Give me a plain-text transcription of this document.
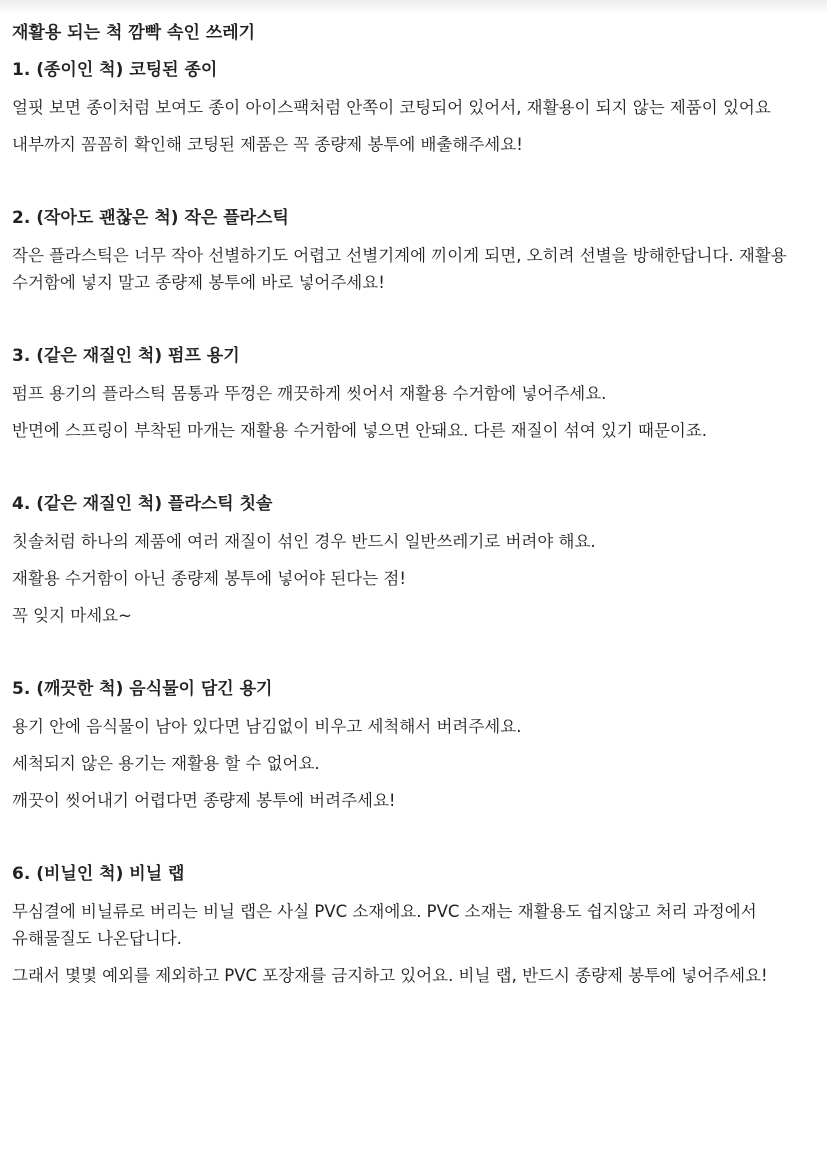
재활용 되는 척 깜빡 속인 쓰레기

1. (종이인 척) 코팅된 종이

얼핏 보면 종이처럼 보여도 종이 아이스팩처럼 안쪽이 코팅되어 있어서, 재활용이 되지 않는 제품이 있어요

내부까지 꼼꼼히 확인해 코팅된 제품은 꼭 종량제 봉투에 배출해주세요!

2. (작아도 괜찮은 척) 작은 플라스틱

작은 플라스틱은 너무 작아 선별하기도 어렵고 선별기계에 끼이게 되면, 오히려 선별을 방해한답니다. 재활용 수거함에 넣지 말고 종량제 봉투에 바로 넣어주세요!

3. (같은 재질인 척) 펌프 용기

펌프 용기의 플라스틱 몸통과 뚜껑은 깨끗하게 씻어서 재활용 수거함에 넣어주세요.

반면에 스프링이 부착된 마개는 재활용 수거함에 넣으면 안돼요. 다른 재질이 섞여 있기 때문이죠.

4. (같은 재질인 척) 플라스틱 칫솔

칫솔처럼 하나의 제품에 여러 재질이 섞인 경우 반드시 일반쓰레기로 버려야 해요.

재활용 수거함이 아닌 종량제 봉투에 넣어야 된다는 점!

꼭 잊지 마세요~

5. (깨끗한 척) 음식물이 담긴 용기

용기 안에 음식물이 남아 있다면 남김없이 비우고 세척해서 버려주세요.

세척되지 않은 용기는 재활용 할 수 없어요.

깨끗이 씻어내기 어렵다면 종량제 봉투에 버려주세요!

6. (비닐인 척) 비닐 랩

무심결에 비닐류로 버리는 비닐 랩은 사실 PVC 소재에요. PVC 소재는 재활용도 쉽지않고 처리 과정에서 유해물질도 나온답니다.

그래서 몇몇 예외를 제외하고 PVC 포장재를 금지하고 있어요. 비닐 랩, 반드시 종량제 봉투에 넣어주세요!
